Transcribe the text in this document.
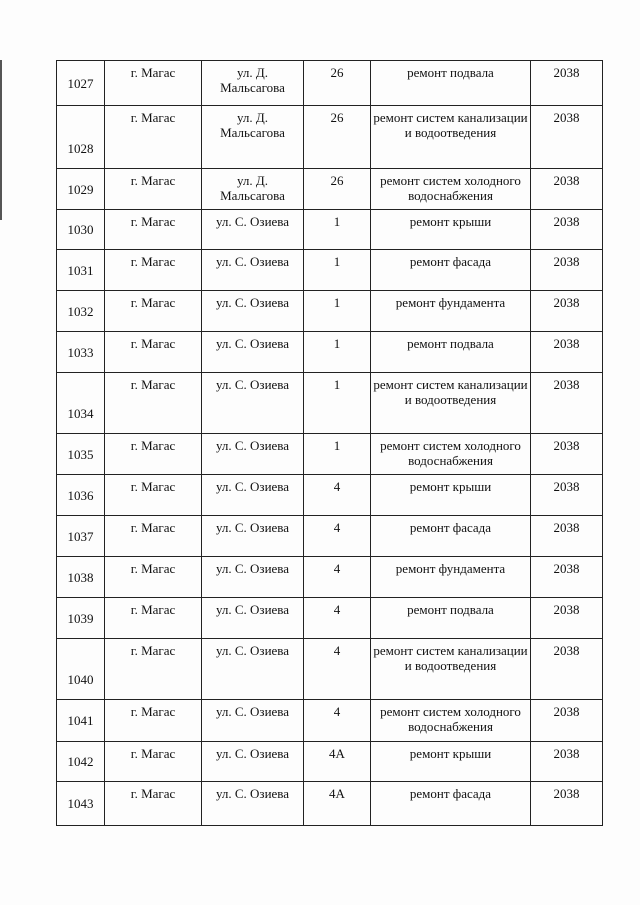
1027	г. Магас	ул. Д. Мальсагова	26	ремонт подвала	2038
1028	г. Магас	ул. Д. Мальсагова	26	ремонт систем канализации и водоотведения	2038
1029	г. Магас	ул. Д. Мальсагова	26	ремонт систем холодного водоснабжения	2038
1030	г. Магас	ул. С. Озиева	1	ремонт крыши	2038
1031	г. Магас	ул. С. Озиева	1	ремонт фасада	2038
1032	г. Магас	ул. С. Озиева	1	ремонт фундамента	2038
1033	г. Магас	ул. С. Озиева	1	ремонт подвала	2038
1034	г. Магас	ул. С. Озиева	1	ремонт систем канализации и водоотведения	2038
1035	г. Магас	ул. С. Озиева	1	ремонт систем холодного водоснабжения	2038
1036	г. Магас	ул. С. Озиева	4	ремонт крыши	2038
1037	г. Магас	ул. С. Озиева	4	ремонт фасада	2038
1038	г. Магас	ул. С. Озиева	4	ремонт фундамента	2038
1039	г. Магас	ул. С. Озиева	4	ремонт подвала	2038
1040	г. Магас	ул. С. Озиева	4	ремонт систем канализации и водоотведения	2038
1041	г. Магас	ул. С. Озиева	4	ремонт систем холодного водоснабжения	2038
1042	г. Магас	ул. С. Озиева	4А	ремонт крыши	2038
1043	г. Магас	ул. С. Озиева	4А	ремонт фасада	2038
